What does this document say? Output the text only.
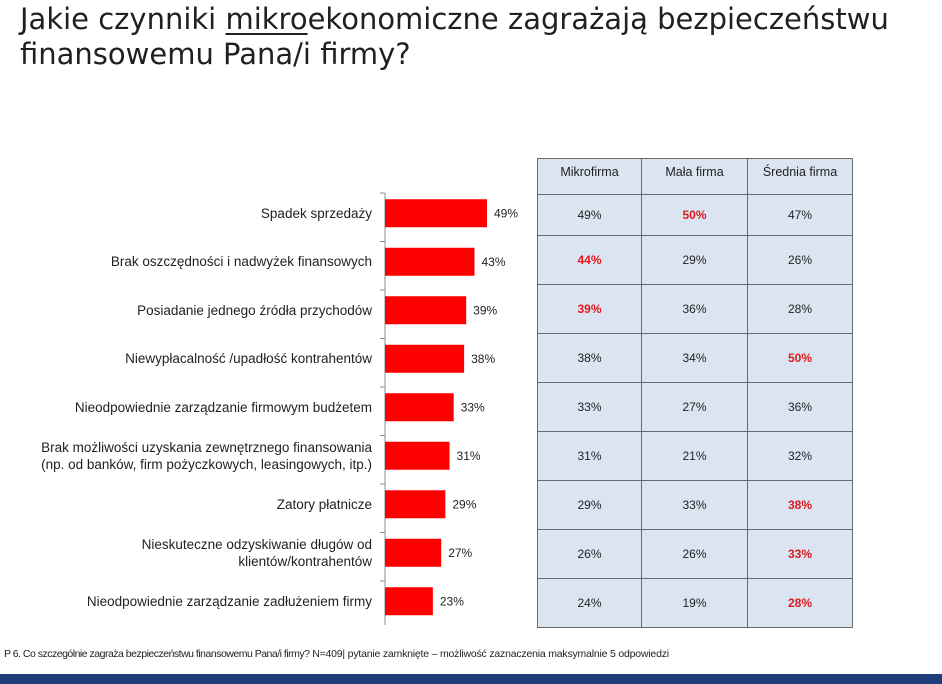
Jakie czynniki mikroekonomiczne zagrażają bezpieczeństwu finansowemu Pana/i firmy?
Spadek sprzedaży
Brak oszczędności i nadwyżek finansowych
Posiadanie jednego źródła przychodów
Niewypłacalność /upadłość kontrahentów
Nieodpowiednie zarządzanie firmowym budżetem
Brak możliwości uzyskania zewnętrznego finansowania
(np. od banków, firm pożyczkowych, leasingowych, itp.)
Zatory płatnicze
Nieskuteczne odzyskiwanie długów od
klientów/kontrahentów
Nieodpowiednie zarządzanie zadłużeniem firmy
49%
43%
39%
38%
33%
31%
29%
27%
23%
Mikrofirma	Mała firma	Średnia firma
49%	50%	47%
44%	29%	26%
39%	36%	28%
38%	34%	50%
33%	27%	36%
31%	21%	32%
29%	33%	38%
26%	26%	33%
24%	19%	28%
P 6. Co szczególnie zagraża bezpieczeństwu finansowemu Pana/i firmy? N=409| pytanie zamknięte – możliwość zaznaczenia maksymalnie 5 odpowiedzi
